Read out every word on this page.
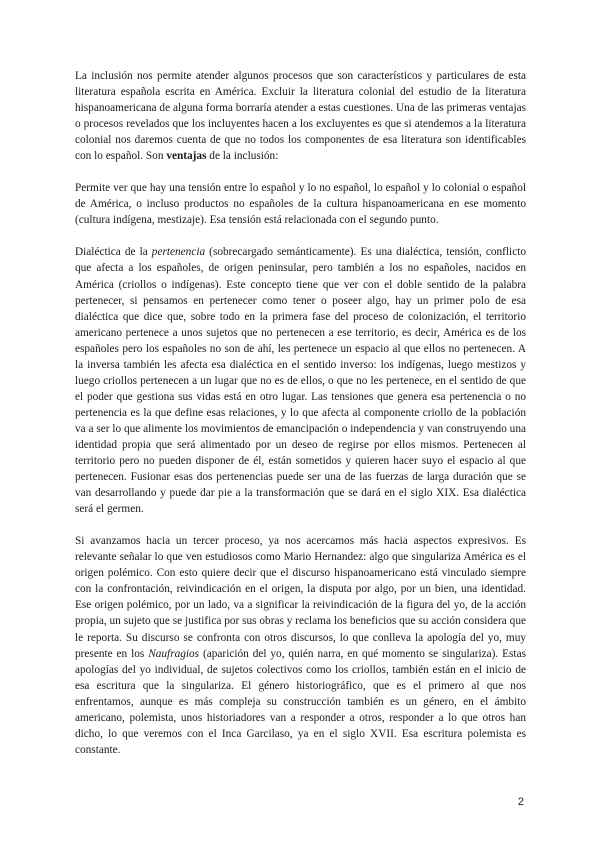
La inclusión nos permite atender algunos procesos que son característicos y particulares de esta literatura española escrita en América. Excluir la literatura colonial del estudio de la literatura hispanoamericana de alguna forma borraría atender a estas cuestiones. Una de las primeras ventajas o procesos revelados que los incluyentes hacen a los excluyentes es que si atendemos a la literatura colonial nos daremos cuenta de que no todos los componentes de esa literatura son identificables con lo español. Son ventajas de la inclusión:

Permite ver que hay una tensión entre lo español y lo no español, lo español y lo colonial o español de América, o incluso productos no españoles de la cultura hispanoamericana en ese momento (cultura indígena, mestizaje). Esa tensión está relacionada con el segundo punto.

Dialéctica de la pertenencia (sobrecargado semánticamente). Es una dialéctica, tensión, conflicto que afecta a los españoles, de origen peninsular, pero también a los no españoles, nacidos en América (criollos o indígenas). Este concepto tiene que ver con el doble sentido de la palabra pertenecer, si pensamos en pertenecer como tener o poseer algo, hay un primer polo de esa dialéctica que dice que, sobre todo en la primera fase del proceso de colonización, el territorio americano pertenece a unos sujetos que no pertenecen a ese territorio, es decir, América es de los españoles pero los españoles no son de ahí, les pertenece un espacio al que ellos no pertenecen. A la inversa también les afecta esa dialéctica en el sentido inverso: los indígenas, luego mestizos y luego criollos pertenecen a un lugar que no es de ellos, o que no les pertenece, en el sentido de que el poder que gestiona sus vidas está en otro lugar. Las tensiones que genera esa pertenencia o no pertenencia es la que define esas relaciones, y lo que afecta al componente criollo de la población va a ser lo que alimente los movimientos de emancipación o independencia y van construyendo una identidad propia que será alimentado por un deseo de regirse por ellos mismos. Pertenecen al territorio pero no pueden disponer de él, están sometidos y quieren hacer suyo el espacio al que pertenecen. Fusionar esas dos pertenencias puede ser una de las fuerzas de larga duración que se van desarrollando y puede dar pie a la transformación que se dará en el siglo XIX. Esa dialéctica será el germen.

Si avanzamos hacia un tercer proceso, ya nos acercamos más hacia aspectos expresivos. Es relevante señalar lo que ven estudiosos como Mario Hernandez: algo que singulariza América es el origen polémico. Con esto quiere decir que el discurso hispanoamericano está vinculado siempre con la confrontación, reivindicación en el origen, la disputa por algo, por un bien, una identidad. Ese origen polémico, por un lado, va a significar la reivindicación de la figura del yo, de la acción propia, un sujeto que se justifica por sus obras y reclama los beneficios que su acción considera que le reporta. Su discurso se confronta con otros discursos, lo que conlleva la apología del yo, muy presente en los Naufragios (aparición del yo, quién narra, en qué momento se singulariza). Estas apologías del yo individual, de sujetos colectivos como los criollos, también están en el inicio de esa escritura que la singulariza. El género historiográfico, que es el primero al que nos enfrentamos, aunque es más compleja su construcción también es un género, en el ámbito americano, polemista, unos historiadores van a responder a otros, responder a lo que otros han dicho, lo que veremos con el Inca Garcilaso, ya en el siglo XVII. Esa escritura polemista es constante.

2
